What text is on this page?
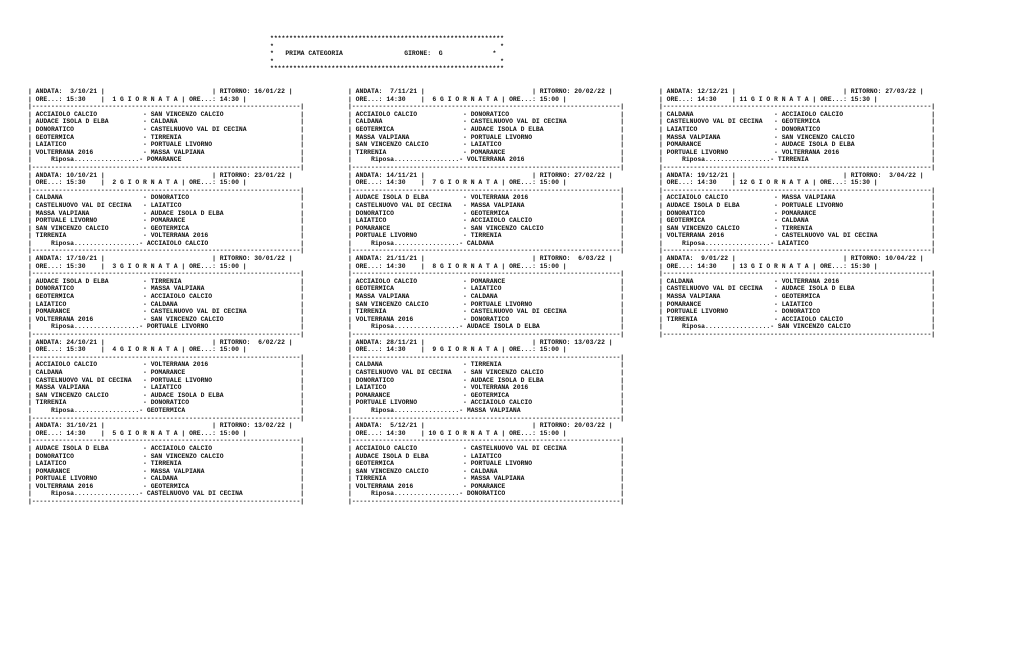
*************************************************************
*                                                           *
*   PRIMA CATEGORIA	GIRONE: G	*
*                                                           *
*************************************************************
| ANDATA:  3/10/21 |                            | RITORNO: 16/01/22 |
| ORE...: 15:30    |  1 G I O R N A T A | ORE...: 14:30 |
|----------------------------------------------------------------------|
| ACCIAIOLO CALCIO            - SAN VINCENZO CALCIO                    |
| AUDACE ISOLA D ELBA         - CALDANA                                |
| DONORATICO                  - CASTELNUOVO VAL DI CECINA              |
| GEOTERMICA                  - TIRRENIA                               |
| LAIATICO                    - PORTUALE LIVORNO                       |
| VOLTERRANA 2016             - MASSA VALPIANA                         |
|     Riposa.................- POMARANCE                               |
|----------------------------------------------------------------------|
| ANDATA: 10/10/21 |                            | RITORNO: 23/01/22 |
| ORE...: 15:30    |  2 G I O R N A T A | ORE...: 15:00 |
|----------------------------------------------------------------------|
| CALDANA                     - DONORATICO                             |
| CASTELNUOVO VAL DI CECINA   - LAIATICO                               |
| MASSA VALPIANA              - AUDACE ISOLA D ELBA                    |
| PORTUALE LIVORNO            - POMARANCE                              |
| SAN VINCENZO CALCIO         - GEOTERMICA                             |
| TIRRENIA                    - VOLTERRANA 2016                        |
|     Riposa.................- ACCIAIOLO CALCIO                        |
|----------------------------------------------------------------------|
| ANDATA: 17/10/21 |                            | RITORNO: 30/01/22 |
| ORE...: 15:30    |  3 G I O R N A T A | ORE...: 15:00 |
|----------------------------------------------------------------------|
| AUDACE ISOLA D ELBA         - TIRRENIA                               |
| DONORATICO                  - MASSA VALPIANA                         |
| GEOTERMICA                  - ACCIAIOLO CALCIO                       |
| LAIATICO                    - CALDANA                                |
| POMARANCE                   - CASTELNUOVO VAL DI CECINA              |
| VOLTERRANA 2016             - SAN VINCENZO CALCIO                    |
|     Riposa.................- PORTUALE LIVORNO                        |
|----------------------------------------------------------------------|
| ANDATA: 24/10/21 |                            | RITORNO:  6/02/22 |
| ORE...: 15:30    |  4 G I O R N A T A | ORE...: 15:00 |
|----------------------------------------------------------------------|
| ACCIAIOLO CALCIO            - VOLTERRANA 2016                        |
| CALDANA                     - POMARANCE                              |
| CASTELNUOVO VAL DI CECINA   - PORTUALE LIVORNO                       |
| MASSA VALPIANA              - LAIATICO                               |
| SAN VINCENZO CALCIO         - AUDACE ISOLA D ELBA                    |
| TIRRENIA                    - DONORATICO                             |
|     Riposa.................- GEOTERMICA                              |
|----------------------------------------------------------------------|
| ANDATA: 31/10/21 |                            | RITORNO: 13/02/22 |
| ORE...: 14:30    |  5 G I O R N A T A | ORE...: 15:00 |
|----------------------------------------------------------------------|
| AUDACE ISOLA D ELBA         - ACCIAIOLO CALCIO                       |
| DONORATICO                  - SAN VINCENZO CALCIO                    |
| LAIATICO                    - TIRRENIA                               |
| POMARANCE                   - MASSA VALPIANA                         |
| PORTUALE LIVORNO            - CALDANA                                |
| VOLTERRANA 2016             - GEOTERMICA                             |
|     Riposa.................- CASTELNUOVO VAL DI CECINA               |
|----------------------------------------------------------------------|

| ANDATA:  7/11/21 |                            | RITORNO: 20/02/22 |
| ORE...: 14:30    |  6 G I O R N A T A | ORE...: 15:00 |
|----------------------------------------------------------------------|
| ACCIAIOLO CALCIO            - DONORATICO                             |
| CALDANA                     - CASTELNUOVO VAL DI CECINA              |
| GEOTERMICA                  - AUDACE ISOLA D ELBA                    |
| MASSA VALPIANA              - PORTUALE LIVORNO                       |
| SAN VINCENZO CALCIO         - LAIATICO                               |
| TIRRENIA                    - POMARANCE                              |
|     Riposa.................- VOLTERRANA 2016                         |
|----------------------------------------------------------------------|
| ANDATA: 14/11/21 |                            | RITORNO: 27/02/22 |
| ORE...: 14:30    |  7 G I O R N A T A | ORE...: 15:00 |
|----------------------------------------------------------------------|
| AUDACE ISOLA D ELBA         - VOLTERRANA 2016                        |
| CASTELNUOVO VAL DI CECINA   - MASSA VALPIANA                         |
| DONORATICO                  - GEOTERMICA                             |
| LAIATICO                    - ACCIAIOLO CALCIO                       |
| POMARANCE                   - SAN VINCENZO CALCIO                    |
| PORTUALE LIVORNO            - TIRRENIA                               |
|     Riposa.................- CALDANA                                 |
|----------------------------------------------------------------------|
| ANDATA: 21/11/21 |                            | RITORNO:  6/03/22 |
| ORE...: 14:30    |  8 G I O R N A T A | ORE...: 15:00 |
|----------------------------------------------------------------------|
| ACCIAIOLO CALCIO            - POMARANCE                              |
| GEOTERMICA                  - LAIATICO                               |
| MASSA VALPIANA              - CALDANA                                |
| SAN VINCENZO CALCIO         - PORTUALE LIVORNO                       |
| TIRRENIA                    - CASTELNUOVO VAL DI CECINA              |
| VOLTERRANA 2016             - DONORATICO                             |
|     Riposa.................- AUDACE ISOLA D ELBA                     |
|----------------------------------------------------------------------|
| ANDATA: 28/11/21 |                            | RITORNO: 13/03/22 |
| ORE...: 14:30    |  9 G I O R N A T A | ORE...: 15:00 |
|----------------------------------------------------------------------|
| CALDANA                     - TIRRENIA                               |
| CASTELNUOVO VAL DI CECINA   - SAN VINCENZO CALCIO                    |
| DONORATICO                  - AUDACE ISOLA D ELBA                    |
| LAIATICO                    - VOLTERRANA 2016                        |
| POMARANCE                   - GEOTERMICA                             |
| PORTUALE LIVORNO            - ACCIAIOLO CALCIO                       |
|     Riposa.................- MASSA VALPIANA                          |
|----------------------------------------------------------------------|
| ANDATA:  5/12/21 |                            | RITORNO: 20/03/22 |
| ORE...: 14:30    | 10 G I O R N A T A | ORE...: 15:00 |
|----------------------------------------------------------------------|
| ACCIAIOLO CALCIO            - CASTELNUOVO VAL DI CECINA              |
| AUDACE ISOLA D ELBA         - LAIATICO                               |
| GEOTERMICA                  - PORTUALE LIVORNO                       |
| SAN VINCENZO CALCIO         - CALDANA                                |
| TIRRENIA                    - MASSA VALPIANA                         |
| VOLTERRANA 2016             - POMARANCE                              |
|     Riposa.................- DONORATICO                              |
|----------------------------------------------------------------------|

| ANDATA: 12/12/21 |                            | RITORNO: 27/03/22 |
| ORE...: 14:30    | 11 G I O R N A T A | ORE...: 15:30 |
|----------------------------------------------------------------------|
| CALDANA                     - ACCIAIOLO CALCIO                       |
| CASTELNUOVO VAL DI CECINA   - GEOTERMICA                             |
| LAIATICO                    - DONORATICO                             |
| MASSA VALPIANA              - SAN VINCENZO CALCIO                    |
| POMARANCE                   - AUDACE ISOLA D ELBA                    |
| PORTUALE LIVORNO            - VOLTERRANA 2016                        |
|     Riposa.................- TIRRENIA                                |
|----------------------------------------------------------------------|
| ANDATA: 19/12/21 |                            | RITORNO:  3/04/22 |
| ORE...: 14:30    | 12 G I O R N A T A | ORE...: 15:30 |
|----------------------------------------------------------------------|
| ACCIAIOLO CALCIO            - MASSA VALPIANA                         |
| AUDACE ISOLA D ELBA         - PORTUALE LIVORNO                       |
| DONORATICO                  - POMARANCE                              |
| GEOTERMICA                  - CALDANA                                |
| SAN VINCENZO CALCIO         - TIRRENIA                               |
| VOLTERRANA 2016             - CASTELNUOVO VAL DI CECINA              |
|     Riposa.................- LAIATICO                                |
|----------------------------------------------------------------------|
| ANDATA:  9/01/22 |                            | RITORNO: 10/04/22 |
| ORE...: 14:30    | 13 G I O R N A T A | ORE...: 15:30 |
|----------------------------------------------------------------------|
| CALDANA                     - VOLTERRANA 2016                        |
| CASTELNUOVO VAL DI CECINA   - AUDACE ISOLA D ELBA                    |
| MASSA VALPIANA              - GEOTERMICA                             |
| POMARANCE                   - LAIATICO                               |
| PORTUALE LIVORNO            - DONORATICO                             |
| TIRRENIA                    - ACCIAIOLO CALCIO                       |
|     Riposa.................- SAN VINCENZO CALCIO                     |
|----------------------------------------------------------------------|
